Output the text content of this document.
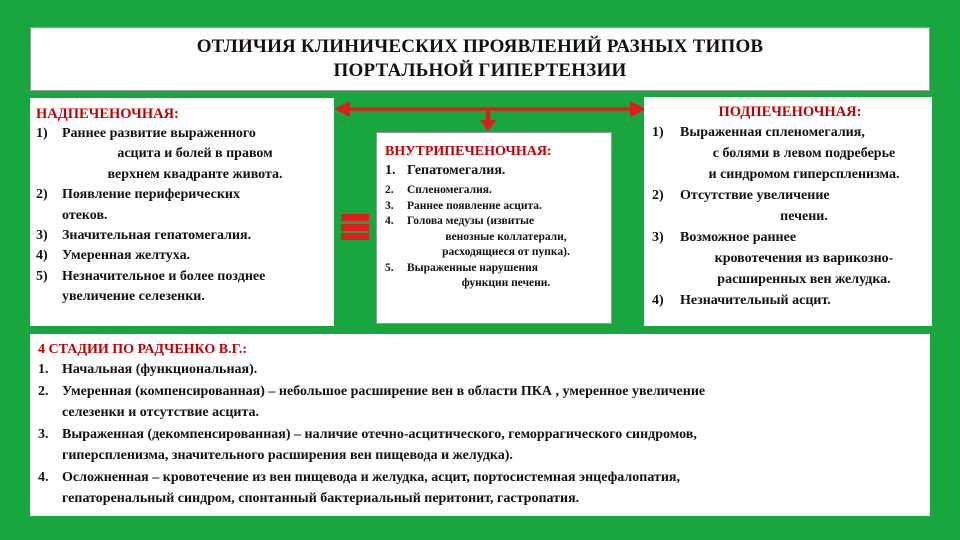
ОТЛИЧИЯ КЛИНИЧЕСКИХ ПРОЯВЛЕНИЙ РАЗНЫХ ТИПОВ
ПОРТАЛЬНОЙ ГИПЕРТЕНЗИИ
НАДПЕЧЕНОЧНАЯ:
1) Раннее развитие выраженного
асцита и болей в правом
верхнем квадранте живота.
2) Появление периферических
отеков.
3) Значительная гепатомегалия.
4) Умеренная желтуха.
5) Незначительное и более позднее
увеличение селезенки.
ВНУТРИПЕЧЕНОЧНАЯ:
1. Гепатомегалия.
2. Спленомегалия.
3. Раннее появление асцита.
4. Голова медузы (извитые
венозные коллатерали,
расходящиеся от пупка).
5. Выраженные нарушения
функции печени.
ПОДПЕЧЕНОЧНАЯ:
1) Выраженная спленомегалия,
с болями в левом подреберье
и синдромом гиперспленизма.
2) Отсутствие увеличение
печени.
3) Возможное раннее
кровотечения из варикозно-
расширенных вен желудка.
4) Незначительный асцит.
4 СТАДИИ ПО РАДЧЕНКО В.Г.:
1. Начальная (функциональная).
2. Умеренная (компенсированная) – небольшое расширение вен в области ПКА , умеренное увеличение
селезенки и отсутствие асцита.
3. Выраженная (декомпенсированная) – наличие отечно-асцитического, геморрагического синдромов,
гиперспленизма, значительного расширения вен пищевода и желудка).
4. Осложненная – кровотечение из вен пищевода и желудка, асцит, портосистемная энцефалопатия,
гепаторенальный синдром, спонтанный бактериальный перитонит, гастропатия.
